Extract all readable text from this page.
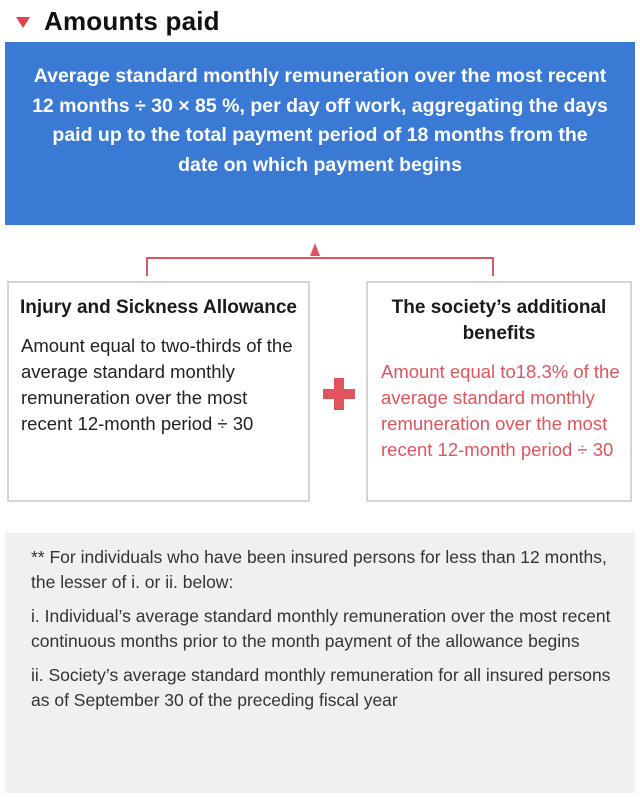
Amounts paid
Average standard monthly remuneration over the most recent 12 months ÷ 30 × 85 %, per day off work, aggregating the days paid up to the total payment period of 18 months from the date on which payment begins
Injury and Sickness Allowance
Amount equal to two-thirds of the average standard monthly remuneration over the most recent 12-month period ÷ 30
The society’s additional benefits
Amount equal to18.3% of the average standard monthly remuneration over the most recent 12-month period ÷ 30

** For individuals who have been insured persons for less than 12 months, the lesser of i. or ii. below:

i. Individual’s average standard monthly remuneration over the most recent continuous months prior to the month payment of the allowance begins

ii. Society’s average standard monthly remuneration for all insured persons as of September 30 of the preceding fiscal year
